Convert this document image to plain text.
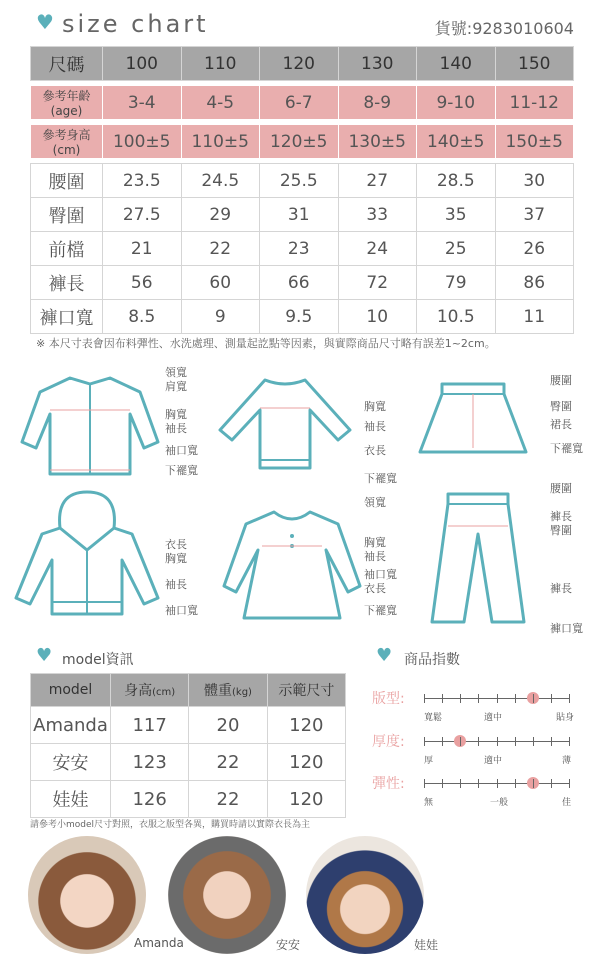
♥ size chart	貨號:9283010604
尺碼	100	110	120	130	140	150

參考年齡(age)	3-4	4-5	6-7	8-9	9-10	11-12

參考身高(cm)	100±5	110±5	120±5	130±5	140±5	150±5

腰圍	23.5	24.5	25.5	27	28.5	30
臀圍	27.5	29	31	33	35	37
前檔	21	22	23	24	25	26
褲長	56	60	66	72	79	86
褲口寬	8.5	9	9.5	10	10.5	11
※ 本尺寸表會因布料彈性、水洗處理、測量起訖點等因素，與實際商品尺寸略有誤差1~2cm。
領寬
肩寬
胸寬
袖長
袖口寬
下襬寬
胸寬
袖長
衣長
下襬寬
腰圍
臀圍
裙長
下襬寬
衣長
胸寬
袖長
袖口寬
領寬
胸寬
袖長
袖口寬
衣長
下襬寬
腰圍
褲長
臀圍
褲長
褲口寬
♥ model資訊
model	身高(cm)	體重(kg)	示範尺寸
Amanda	117	20	120
安安	123	22	120
娃娃	126	22	120
請參考小model尺寸對照，衣服之版型各異，購買時請以實際衣長為主
♥ 商品指數
版型:
寬鬆	適中	貼身
厚度:
厚	適中	薄
彈性:
無	一般	佳
Amanda	安安	娃娃
